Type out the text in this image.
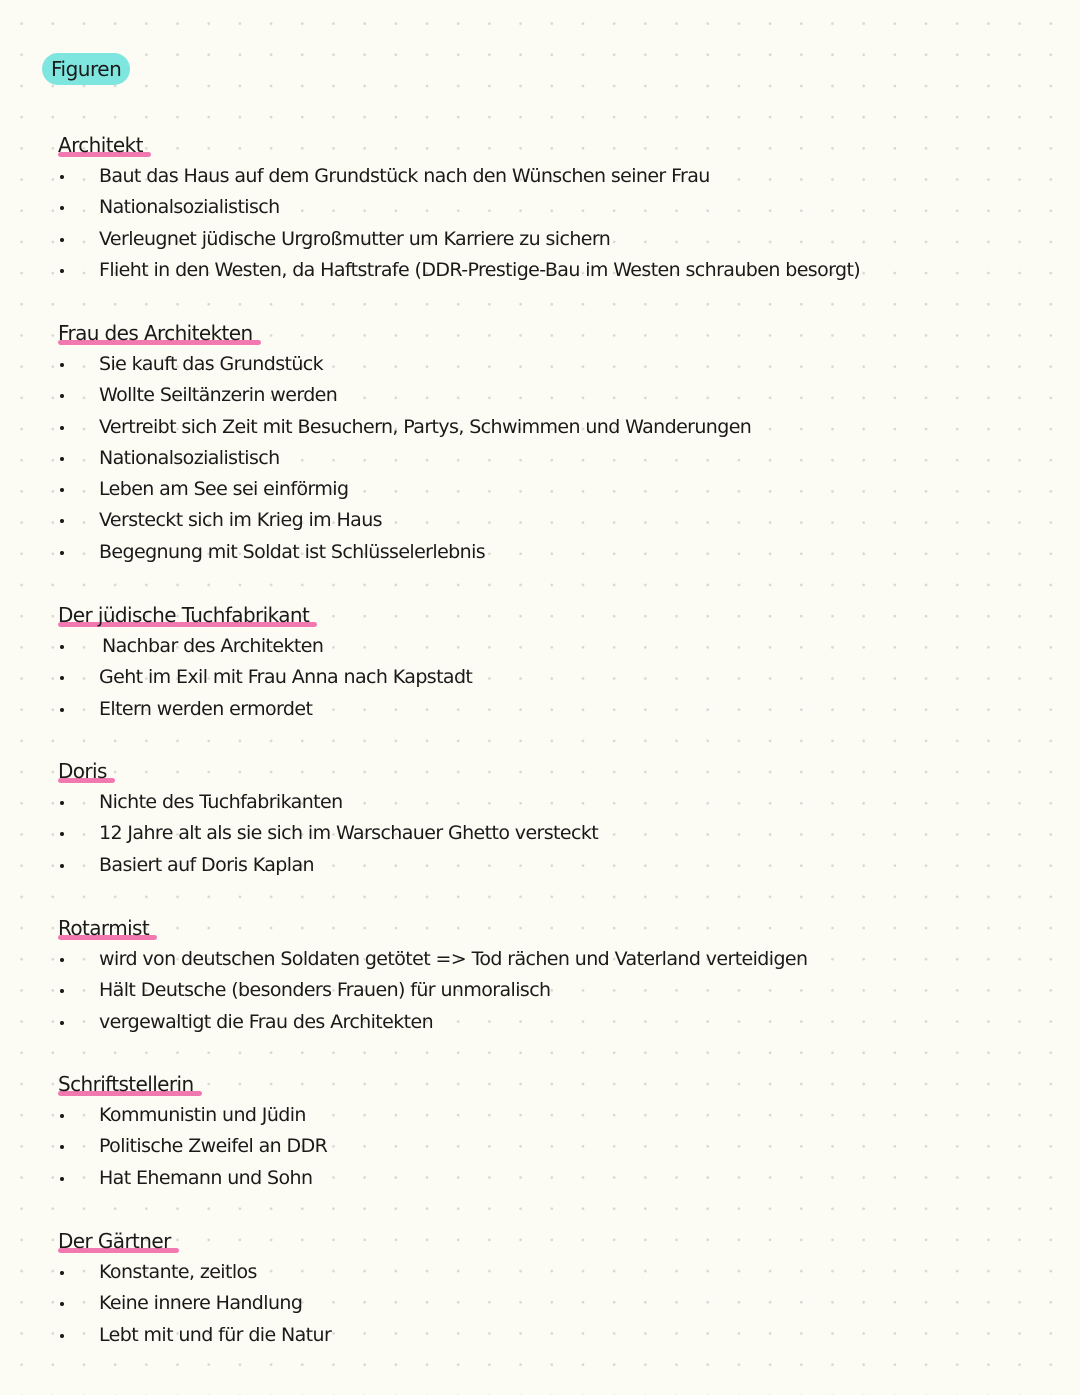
Figuren
Architekt
Baut das Haus auf dem Grundstück nach den Wünschen seiner Frau
Nationalsozialistisch
Verleugnet jüdische Urgroßmutter um Karriere zu sichern
Flieht in den Westen, da Haftstrafe (DDR-Prestige-Bau im Westen schrauben besorgt)
Frau des Architekten
Sie kauft das Grundstück
Wollte Seiltänzerin werden
Vertreibt sich Zeit mit Besuchern, Partys, Schwimmen und Wanderungen
Nationalsozialistisch
Leben am See sei einförmig
Versteckt sich im Krieg im Haus
Begegnung mit Soldat ist Schlüsselerlebnis
Der jüdische Tuchfabrikant
Nachbar des Architekten
Geht im Exil mit Frau Anna nach Kapstadt
Eltern werden ermordet
Doris
Nichte des Tuchfabrikanten
12 Jahre alt als sie sich im Warschauer Ghetto versteckt
Basiert auf Doris Kaplan
Rotarmist
wird von deutschen Soldaten getötet => Tod rächen und Vaterland verteidigen
Hält Deutsche (besonders Frauen) für unmoralisch
vergewaltigt die Frau des Architekten
Schriftstellerin
Kommunistin und Jüdin
Politische Zweifel an DDR
Hat Ehemann und Sohn
Der Gärtner
Konstante, zeitlos
Keine innere Handlung
Lebt mit und für die Natur
